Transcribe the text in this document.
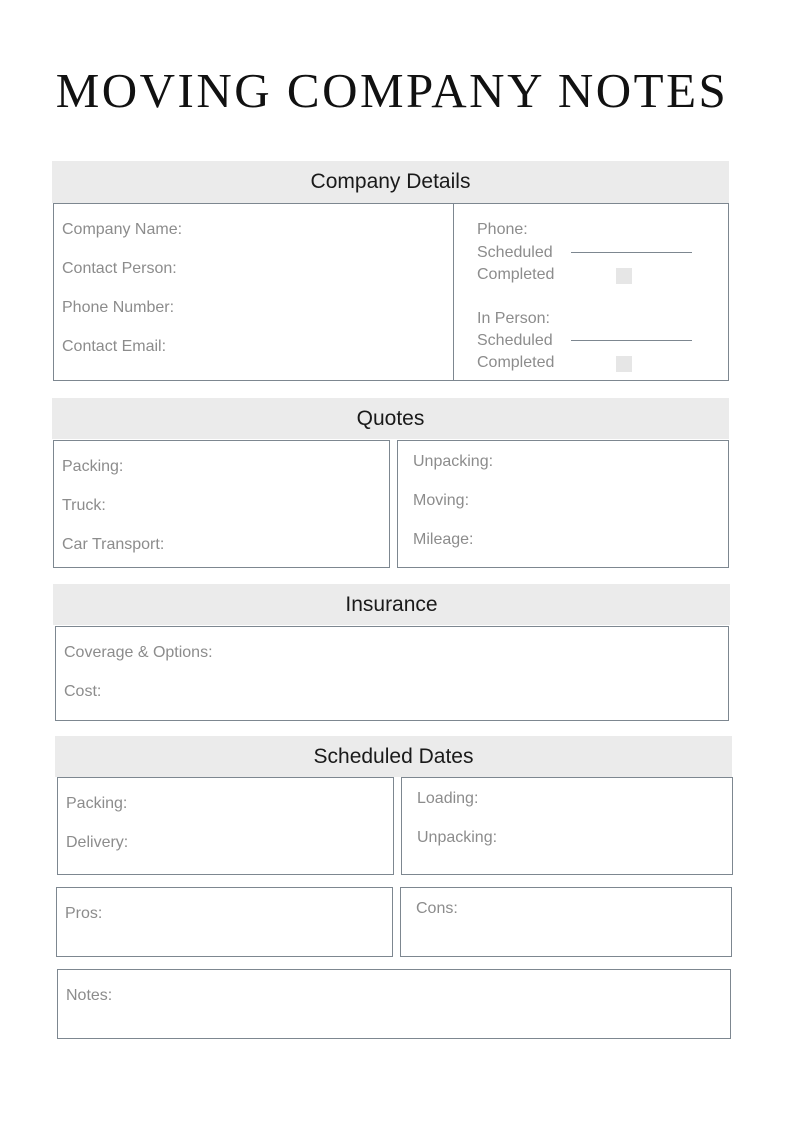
MOVING COMPANY NOTES
Company Details
Company Name:
Contact Person:
Phone Number:
Contact Email:
Phone:
Scheduled
Completed
In Person:
Scheduled
Completed
Quotes
Packing:
Truck:
Car Transport:
Unpacking:
Moving:
Mileage:
Insurance
Coverage & Options:
Cost:
Scheduled Dates
Packing:
Delivery:
Loading:
Unpacking:
Pros:	Cons:
Notes:
